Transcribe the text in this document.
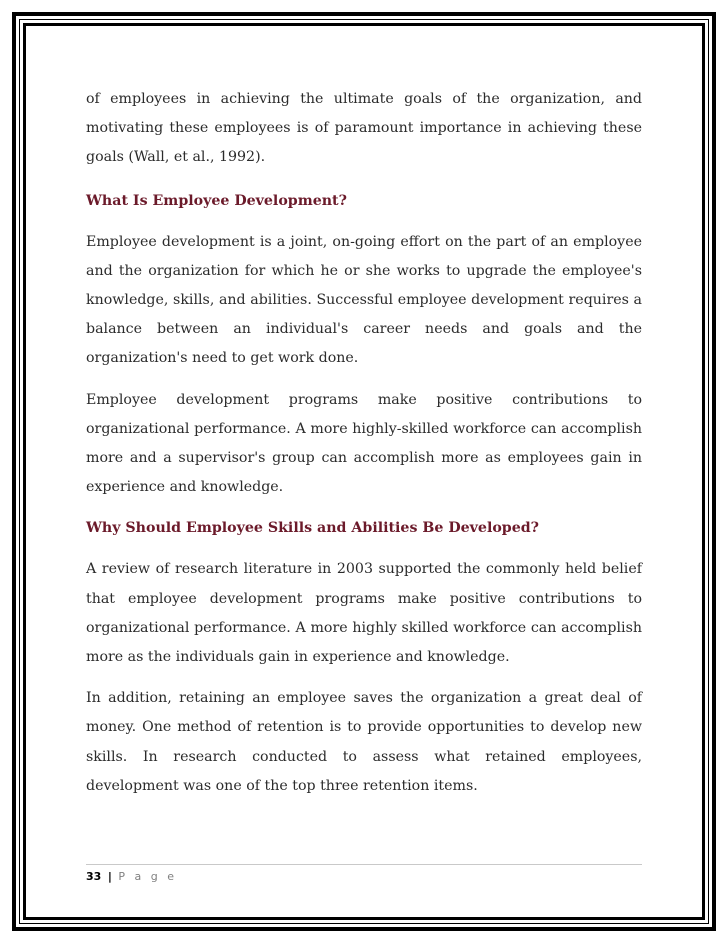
of employees in achieving the ultimate goals of the organization, and motivating these employees is of paramount importance in achieving these goals (Wall, et al., 1992).

What Is Employee Development?

Employee development is a joint, on-going effort on the part of an employee and the organization for which he or she works to upgrade the employee's knowledge, skills, and abilities. Successful employee development requires a balance between an individual's career needs and goals and the organization's need to get work done.

Employee development programs make positive contributions to organizational performance. A more highly-skilled workforce can accomplish more and a supervisor's group can accomplish more as employees gain in experience and knowledge.

Why Should Employee Skills and Abilities Be Developed?

A review of research literature in 2003 supported the commonly held belief that employee development programs make positive contributions to organizational performance. A more highly skilled workforce can accomplish more as the individuals gain in experience and knowledge.

In addition, retaining an employee saves the organization a great deal of money. One method of retention is to provide opportunities to develop new skills. In research conducted to assess what retained employees, development was one of the top three retention items.

33 | P a g e
